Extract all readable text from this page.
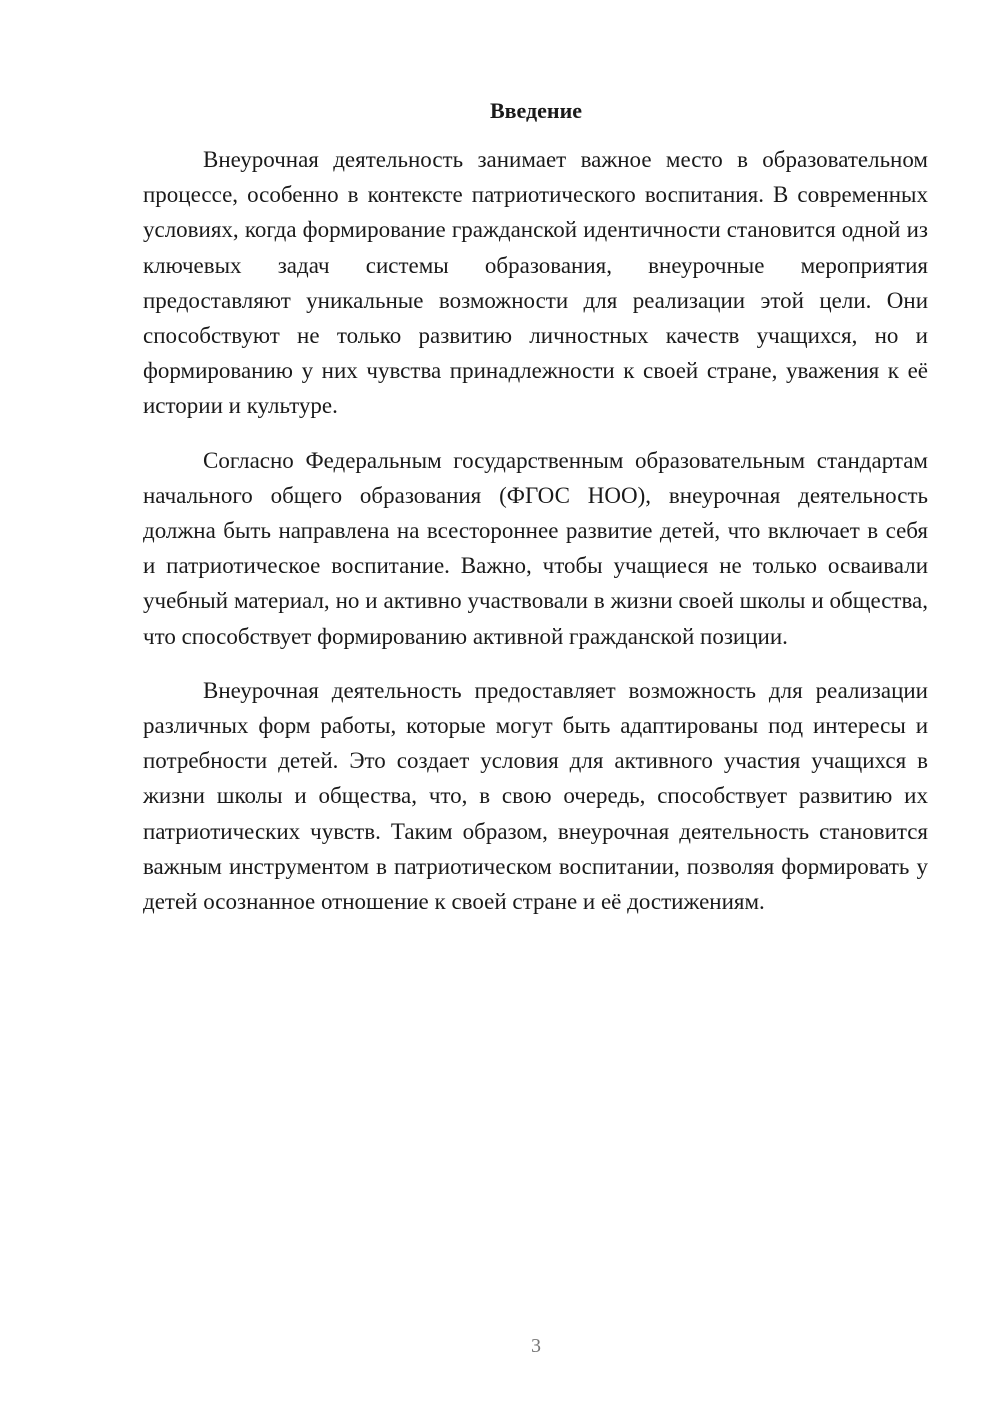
Введение

Внеурочная деятельность занимает важное место в образовательном процессе, особенно в контексте патриотического воспитания. В современных условиях, когда формирование гражданской идентичности становится одной из ключевых задач системы образования, внеурочные мероприятия предоставляют уникальные возможности для реализации этой цели. Они способствуют не только развитию личностных качеств учащихся, но и формированию у них чувства принадлежности к своей стране, уважения к её истории и культуре.

Согласно Федеральным государственным образовательным стандартам начального общего образования (ФГОС НОО), внеурочная деятельность должна быть направлена на всестороннее развитие детей, что включает в себя и патриотическое воспитание. Важно, чтобы учащиеся не только осваивали учебный материал, но и активно участвовали в жизни своей школы и общества, что способствует формированию активной гражданской позиции.

Внеурочная деятельность предоставляет возможность для реализации различных форм работы, которые могут быть адаптированы под интересы и потребности детей. Это создает условия для активного участия учащихся в жизни школы и общества, что, в свою очередь, способствует развитию их патриотических чувств. Таким образом, внеурочная деятельность становится важным инструментом в патриотическом воспитании, позволяя формировать у детей осознанное отношение к своей стране и её достижениям.

3
